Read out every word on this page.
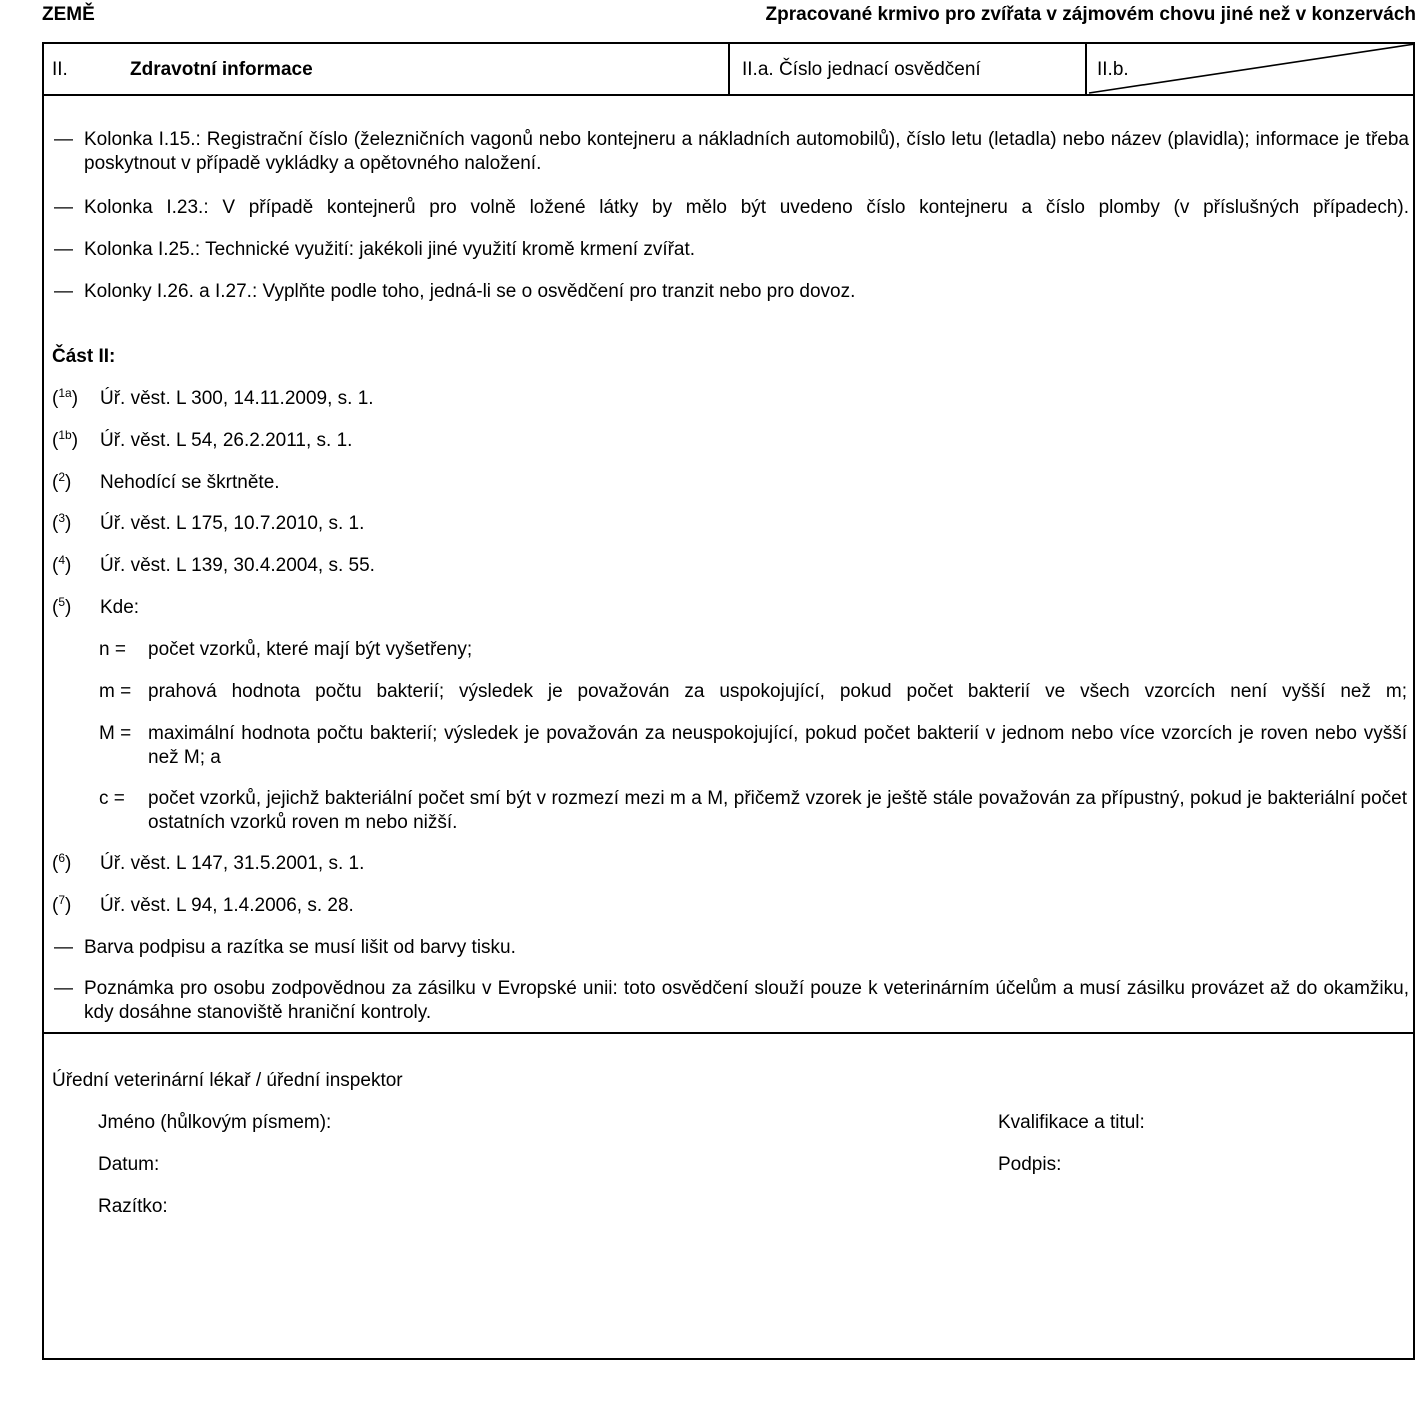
ZEMĚ	Zpracované krmivo pro zvířata v zájmovém chovu jiné než v konzervách
II.	Zdravotní informace	II.a. Číslo jednací osvědčení	II.b.
— Kolonka I.15.: Registrační číslo (železničních vagonů nebo kontejneru a nákladních automobilů), číslo letu (letadla) nebo název (plavidla); informace je třeba poskytnout v případě vykládky a opětovného naložení.
— Kolonka I.23.: V případě kontejnerů pro volně ložené látky by mělo být uvedeno číslo kontejneru a číslo plomby (v příslušných případech).
— Kolonka I.25.: Technické využití: jakékoli jiné využití kromě krmení zvířat.
— Kolonky I.26. a I.27.: Vyplňte podle toho, jedná-li se o osvědčení pro tranzit nebo pro dovoz.
Část II:
($^{1a}$) Úř. věst. L 300, 14.11.2009, s. 1.
($^{1b}$) Úř. věst. L 54, 26.2.2011, s. 1.
($^2$) Nehodící se škrtněte.
($^3$) Úř. věst. L 175, 10.7.2010, s. 1.
($^4$) Úř. věst. L 139, 30.4.2004, s. 55.
($^5$) Kde:
n = počet vzorků, které mají být vyšetřeny;
m = prahová hodnota počtu bakterií; výsledek je považován za uspokojující, pokud počet bakterií ve všech vzorcích není vyšší než m;
M = maximální hodnota počtu bakterií; výsledek je považován za neuspokojující, pokud počet bakterií v jednom nebo více vzorcích je roven nebo vyšší než M; a
c = počet vzorků, jejichž bakteriální počet smí být v rozmezí mezi m a M, přičemž vzorek je ještě stále považován za přípustný, pokud je bakteriální počet ostatních vzorků roven m nebo nižší.
($^6$) Úř. věst. L 147, 31.5.2001, s. 1.
($^7$) Úř. věst. L 94, 1.4.2006, s. 28.
— Barva podpisu a razítka se musí lišit od barvy tisku.
— Poznámka pro osobu zodpovědnou za zásilku v Evropské unii: toto osvědčení slouží pouze k veterinárním účelům a musí zásilku provázet až do okamžiku, kdy dosáhne stanoviště hraniční kontroly.
Úřední veterinární lékař / úřední inspektor
Jméno (hůlkovým písmem):	Kvalifikace a titul:
Datum:	Podpis:
Razítko:
